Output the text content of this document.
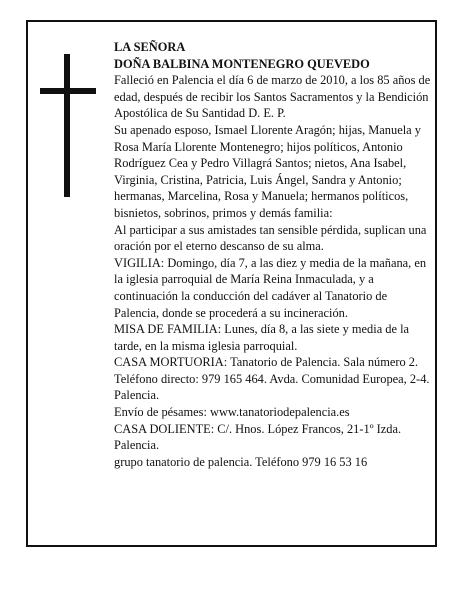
LA SEÑORA
DOÑA BALBINA MONTENEGRO QUEVEDO

Falleció en Palencia el día 6 de marzo de 2010, a los 85 años de edad, después de recibir los Santos Sacramentos y la Bendición Apostólica de Su Santidad D. E. P.

Su apenado esposo, Ismael Llorente Aragón; hijas, Manuela y Rosa María Llorente Montenegro; hijos políticos, Antonio Rodríguez Cea y Pedro Villagrá Santos; nietos, Ana Isabel, Virginia, Cristina, Patricia, Luis Ángel, Sandra y Antonio; hermanas, Marcelina, Rosa y Manuela; hermanos políticos, bisnietos, sobrinos, primos y demás familia:

Al participar a sus amistades tan sensible pérdida, suplican una oración por el eterno descanso de su alma.

VIGILIA: Domingo, día 7, a las diez y media de la mañana, en la iglesia parroquial de María Reina Inmaculada, y a continuación la conducción del cadáver al Tanatorio de Palencia, donde se procederá a su incineración.

MISA DE FAMILIA: Lunes, día 8, a las siete y media de la tarde, en la misma iglesia parroquial.

CASA MORTUORIA: Tanatorio de Palencia. Sala número 2. Teléfono directo: 979 165 464. Avda. Comunidad Europea, 2-4. Palencia.

Envío de pésames: www.tanatoriodepalencia.es

CASA DOLIENTE: C/. Hnos. López Francos, 21-1º Izda. Palencia.

grupo tanatorio de palencia. Teléfono 979 16 53 16
